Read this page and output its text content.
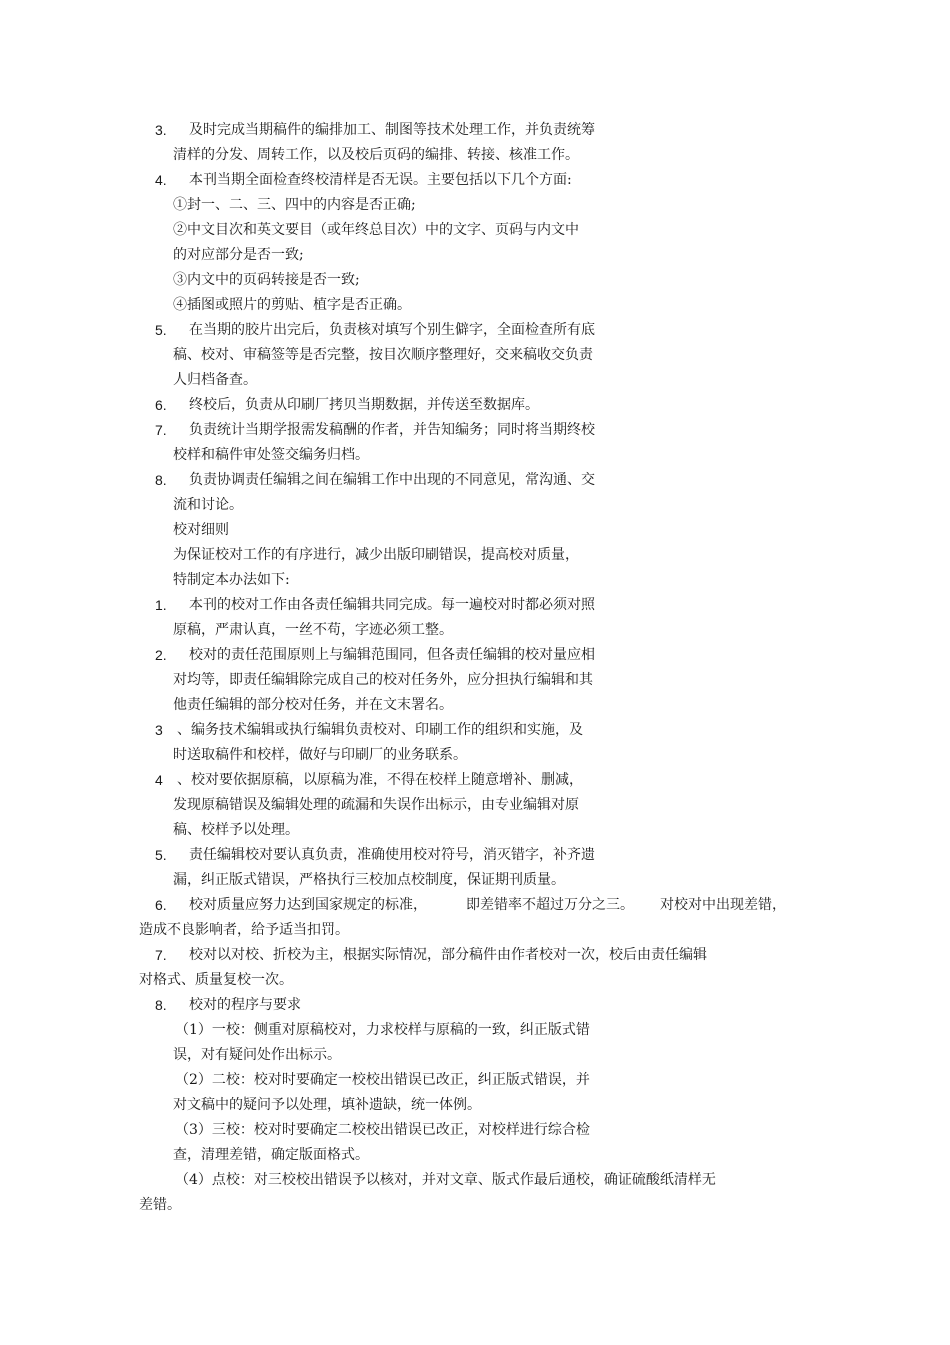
3. 及时完成当期稿件的编排加工、制图等技术处理工作，并负责统筹
清样的分发、周转工作，以及校后页码的编排、转接、核准工作。
4. 本刊当期全面检查终校清样是否无误。主要包括以下几个方面:
①封一、二、三、四中的内容是否正确;
②中文目次和英文要目（或年终总目次）中的文字、页码与内文中
的对应部分是否一致;
③内文中的页码转接是否一致;
④插图或照片的剪贴、植字是否正确。
5. 在当期的胶片出完后，负责核对填写个别生僻字，全面检查所有底
稿、校对、审稿签等是否完整，按目次顺序整理好，交来稿收交负责
人归档备查。
6. 终校后，负责从印刷厂拷贝当期数据，并传送至数据库。
7. 负责统计当期学报需发稿酬的作者，并告知编务；同时将当期终校
校样和稿件审处签交编务归档。
8. 负责协调责任编辑之间在编辑工作中出现的不同意见，常沟通、交
流和讨论。
校对细则
为保证校对工作的有序进行，减少出版印刷错误，提高校对质量，
特制定本办法如下:
1. 本刊的校对工作由各责任编辑共同完成。每一遍校对时都必须对照
原稿，严肃认真，一丝不苟，字迹必须工整。
2. 校对的责任范围原则上与编辑范围同，但各责任编辑的校对量应相
对均等，即责任编辑除完成自己的校对任务外，应分担执行编辑和其
他责任编辑的部分校对任务，并在文末署名。
3 、编务技术编辑或执行编辑负责校对、印刷工作的组织和实施，及
时送取稿件和校样，做好与印刷厂的业务联系。
4 、校对要依据原稿，以原稿为准，不得在校样上随意增补、删减，
发现原稿错误及编辑处理的疏漏和失误作出标示，由专业编辑对原
稿、校样予以处理。
5. 责任编辑校对要认真负责，准确使用校对符号，消灭错字，补齐遗
漏，纠正版式错误，严格执行三校加点校制度，保证期刊质量。
6. 校对质量应努力达到国家规定的标准，	即差错率不超过万分之三。 对校对中出现差错，
造成不良影响者，给予适当扣罚。
7. 校对以对校、折校为主，根据实际情况，部分稿件由作者校对一次，校后由责任编辑
对格式、质量复校一次。
8. 校对的程序与要求
（1）一校：侧重对原稿校对，力求校样与原稿的一致，纠正版式错
误，对有疑问处作出标示。
（2）二校：校对时要确定一校校出错误已改正，纠正版式错误，并
对文稿中的疑问予以处理，填补遗缺，统一体例。
（3）三校：校对时要确定二校校出错误已改正，对校样进行综合检
查，清理差错，确定版面格式。
（4）点校：对三校校出错误予以核对，并对文章、版式作最后通校，确证硫酸纸清样无
差错。
